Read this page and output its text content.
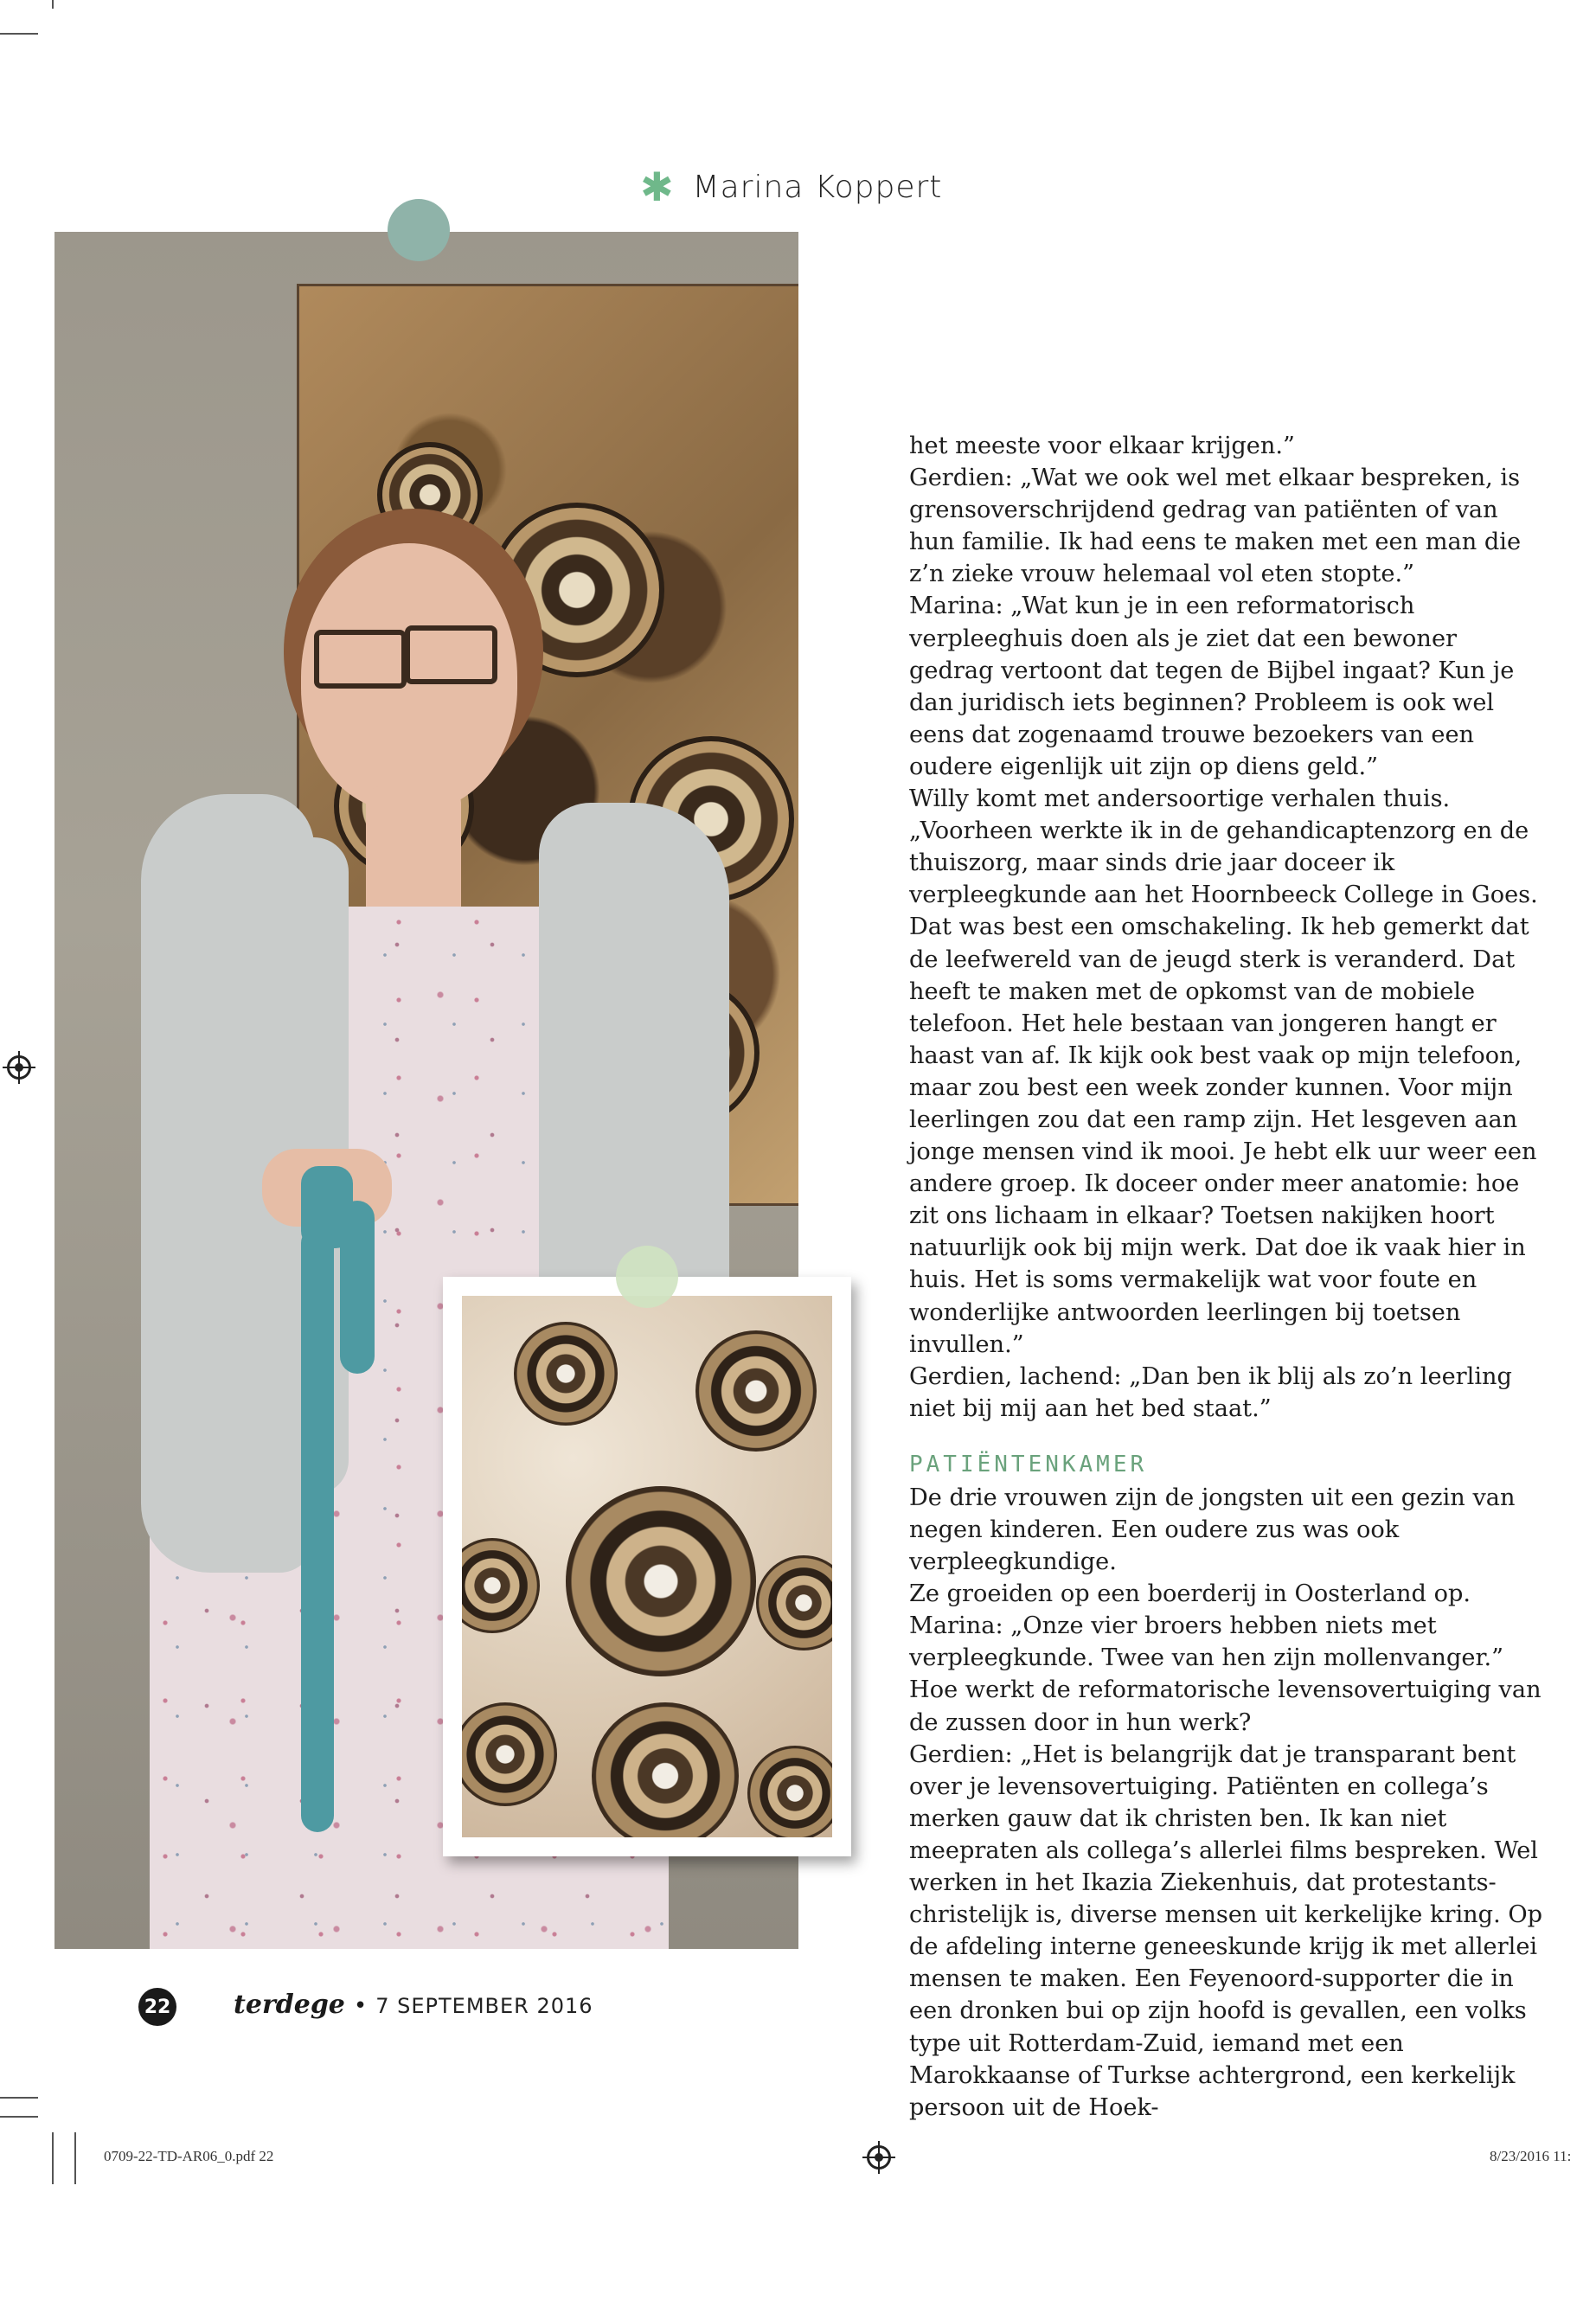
✱ Marina Koppert

het meeste voor elkaar krijgen.”

Gerdien: „Wat we ook wel met elkaar bespreken, is grensoverschrijdend gedrag van patiënten of van hun familie. Ik had eens te maken met een man die z’n zieke vrouw helemaal vol eten stopte.”

Marina: „Wat kun je in een reformatorisch verpleeghuis doen als je ziet dat een bewoner gedrag vertoont dat tegen de Bijbel ingaat? Kun je dan juridisch iets beginnen? Probleem is ook wel eens dat zogenaamd trouwe bezoekers van een oudere eigenlijk uit zijn op diens geld.”

Willy komt met andersoortige verhalen thuis. „Voorheen werkte ik in de gehandicaptenzorg en de thuiszorg, maar sinds drie jaar doceer ik verpleegkunde aan het Hoornbeeck College in Goes. Dat was best een omschakeling. Ik heb gemerkt dat de leefwereld van de jeugd sterk is veranderd. Dat heeft te maken met de opkomst van de mobiele telefoon. Het hele bestaan van jongeren hangt er haast van af. Ik kijk ook best vaak op mijn telefoon, maar zou best een week zonder kunnen. Voor mijn leerlingen zou dat een ramp zijn. Het lesgeven aan jonge mensen vind ik mooi. Je hebt elk uur weer een andere groep. Ik doceer onder meer anatomie: hoe zit ons lichaam in elkaar? Toetsen nakijken hoort natuurlijk ook bij mijn werk. Dat doe ik vaak hier in huis. Het is soms vermakelijk wat voor foute en wonderlijke antwoorden leerlingen bij toetsen invullen.”

Gerdien, lachend: „Dan ben ik blij als zo’n leerling niet bij mij aan het bed staat.”

PATIËNTENKAMER

De drie vrouwen zijn de jongsten uit een gezin van negen kinderen. Een oudere zus was ook verpleegkundige.

Ze groeiden op een boerderij in Oosterland op. Marina: „Onze vier broers hebben niets met verpleegkunde. Twee van hen zijn mollenvanger.”

Hoe werkt de reformatorische levensovertuiging van de zussen door in hun werk?

Gerdien: „Het is belangrijk dat je transparant bent over je levensovertuiging. Patiënten en collega’s merken gauw dat ik christen ben. Ik kan niet meepraten als collega’s allerlei films bespreken. Wel werken in het Ikazia Ziekenhuis, dat protestants-christelijk is, diverse mensen uit kerkelijke kring. Op de afdeling interne geneeskunde krijg ik met allerlei mensen te maken. Een Feyenoord-supporter die in een dronken bui op zijn hoofd is gevallen, een volks type uit Rotterdam-Zuid, iemand met een Marokkaanse of Turkse achtergrond, een kerkelijk persoon uit de Hoek-

22 terdege • 7 SEPTEMBER 2016
0709-22-TD-AR06_0.pdf 22	8/23/2016 11:
